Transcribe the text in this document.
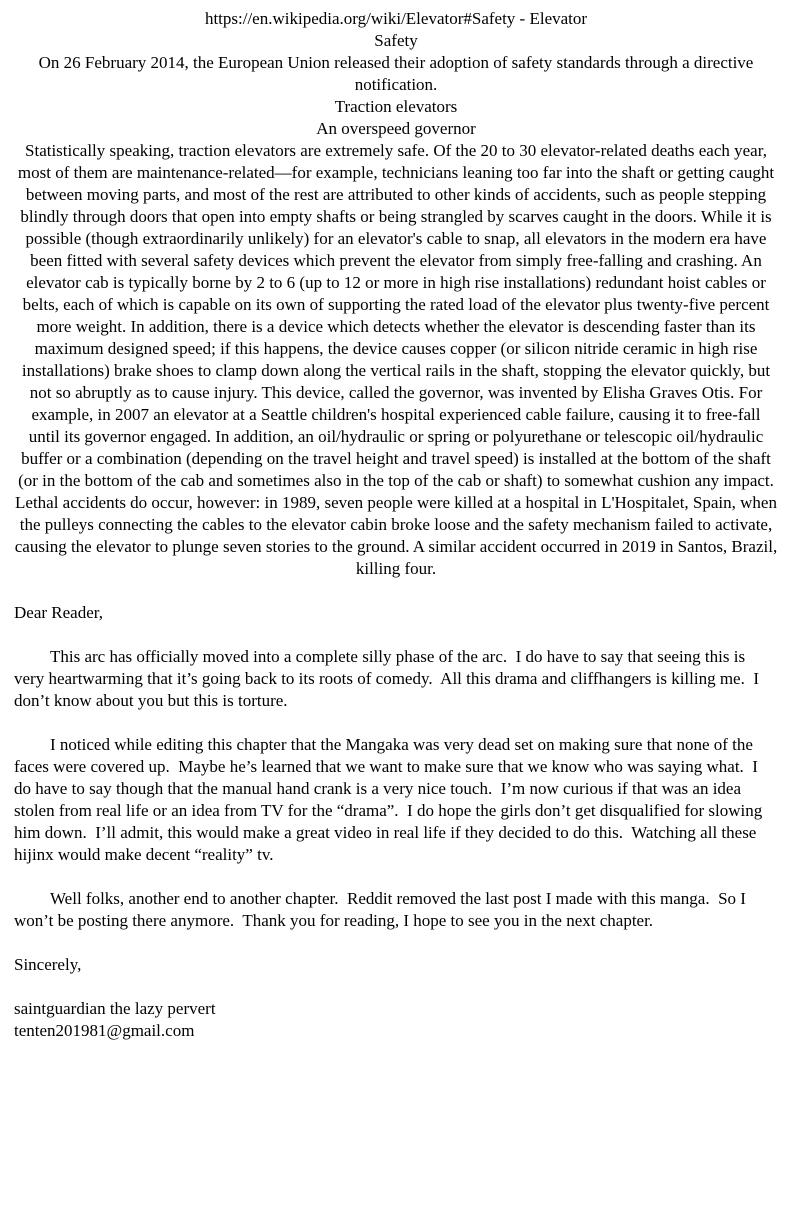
https://en.wikipedia.org/wiki/Elevator#Safety - Elevator
Safety
On 26 February 2014, the European Union released their adoption of safety standards through a directive notification.
Traction elevators
An overspeed governor
Statistically speaking, traction elevators are extremely safe. Of the 20 to 30 elevator-related deaths each year, most of them are maintenance-related—for example, technicians leaning too far into the shaft or getting caught between moving parts, and most of the rest are attributed to other kinds of accidents, such as people stepping blindly through doors that open into empty shafts or being strangled by scarves caught in the doors. While it is possible (though extraordinarily unlikely) for an elevator's cable to snap, all elevators in the modern era have been fitted with several safety devices which prevent the elevator from simply free-falling and crashing. An elevator cab is typically borne by 2 to 6 (up to 12 or more in high rise installations) redundant hoist cables or belts, each of which is capable on its own of supporting the rated load of the elevator plus twenty-five percent more weight. In addition, there is a device which detects whether the elevator is descending faster than its maximum designed speed; if this happens, the device causes copper (or silicon nitride ceramic in high rise installations) brake shoes to clamp down along the vertical rails in the shaft, stopping the elevator quickly, but not so abruptly as to cause injury. This device, called the governor, was invented by Elisha Graves Otis. For example, in 2007 an elevator at a Seattle children's hospital experienced cable failure, causing it to free-fall until its governor engaged. In addition, an oil/hydraulic or spring or polyurethane or telescopic oil/hydraulic buffer or a combination (depending on the travel height and travel speed) is installed at the bottom of the shaft (or in the bottom of the cab and sometimes also in the top of the cab or shaft) to somewhat cushion any impact. Lethal accidents do occur, however: in 1989, seven people were killed at a hospital in L'Hospitalet, Spain, when the pulleys connecting the cables to the elevator cabin broke loose and the safety mechanism failed to activate, causing the elevator to plunge seven stories to the ground. A similar accident occurred in 2019 in Santos, Brazil, killing four.

Dear Reader,

This arc has officially moved into a complete silly phase of the arc.  I do have to say that seeing this is very heartwarming that it’s going back to its roots of comedy.  All this drama and cliffhangers is killing me.  I don’t know about you but this is torture.

I noticed while editing this chapter that the Mangaka was very dead set on making sure that none of the faces were covered up.  Maybe he’s learned that we want to make sure that we know who was saying what.  I do have to say though that the manual hand crank is a very nice touch.  I’m now curious if that was an idea stolen from real life or an idea from TV for the “drama”.  I do hope the girls don’t get disqualified for slowing him down.  I’ll admit, this would make a great video in real life if they decided to do this.  Watching all these hijinx would make decent “reality” tv.

Well folks, another end to another chapter.  Reddit removed the last post I made with this manga.  So I won’t be posting there anymore.  Thank you for reading, I hope to see you in the next chapter.

Sincerely,

saintguardian the lazy pervert

tenten201981@gmail.com
